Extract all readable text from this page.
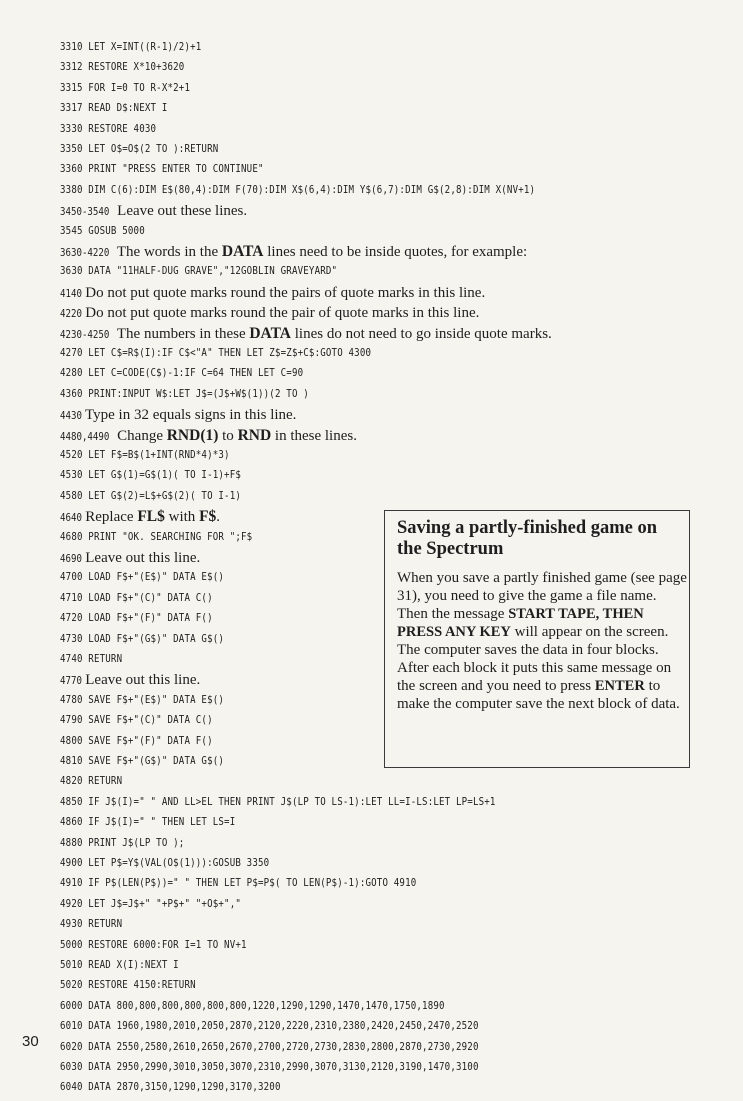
3310 LET X=INT((R-1)/2)+1
3312 RESTORE X*10+3620
3315 FOR I=0 TO R-X*2+1
3317 READ D$:NEXT I
3330 RESTORE 4030
3350 LET O$=O$(2 TO ):RETURN
3360 PRINT "PRESS ENTER TO CONTINUE"
3380 DIM C(6):DIM E$(80,4):DIM F(70):DIM X$(6,4):DIM Y$(6,7):DIM G$(2,8):DIM X(NV+1)
3450-3540 Leave out these lines.
3545 GOSUB 5000
3630-4220 The words in the DATA lines need to be inside quotes, for example:
3630 DATA "11HALF-DUG GRAVE","12GOBLIN GRAVEYARD"
4140 Do not put quote marks round the pairs of quote marks in this line.
4220 Do not put quote marks round the pair of quote marks in this line.
4230-4250 The numbers in these DATA lines do not need to go inside quote marks.
4270 LET C$=R$(I):IF C$<"A" THEN LET Z$=Z$+C$:GOTO 4300
4280 LET C=CODE(C$)-1:IF C=64 THEN LET C=90
4360 PRINT:INPUT W$:LET J$=(J$+W$(1))(2 TO )
4430 Type in 32 equals signs in this line.
4480,4490 Change RND(1) to RND in these lines.
4520 LET F$=B$(1+INT(RND*4)*3)
4530 LET G$(1)=G$(1)( TO I-1)+F$
4580 LET G$(2)=L$+G$(2)( TO I-1)
4640 Replace FL$ with F$.
4680 PRINT "OK. SEARCHING FOR ";F$
4690 Leave out this line.
4700 LOAD F$+"(E$)" DATA E$()
4710 LOAD F$+"(C)" DATA C()
4720 LOAD F$+"(F)" DATA F()
4730 LOAD F$+"(G$)" DATA G$()
4740 RETURN
4770 Leave out this line.
4780 SAVE F$+"(E$)" DATA E$()
4790 SAVE F$+"(C)" DATA C()
4800 SAVE F$+"(F)" DATA F()
4810 SAVE F$+"(G$)" DATA G$()
4820 RETURN
4850 IF J$(I)=" " AND LL>EL THEN PRINT J$(LP TO LS-1):LET LL=I-LS:LET LP=LS+1
4860 IF J$(I)=" " THEN LET LS=I
4880 PRINT J$(LP TO );
4900 LET P$=Y$(VAL(O$(1))):GOSUB 3350
4910 IF P$(LEN(P$))=" " THEN LET P$=P$( TO LEN(P$)-1):GOTO 4910
4920 LET J$=J$+" "+P$+" "+O$+","
4930 RETURN
5000 RESTORE 6000:FOR I=1 TO NV+1
5010 READ X(I):NEXT I
5020 RESTORE 4150:RETURN
6000 DATA 800,800,800,800,800,800,1220,1290,1290,1470,1470,1750,1890
6010 DATA 1960,1980,2010,2050,2870,2120,2220,2310,2380,2420,2450,2470,2520
6020 DATA 2550,2580,2610,2650,2670,2700,2720,2730,2830,2800,2870,2730,2920
6030 DATA 2950,2990,3010,3050,3070,2310,2990,3070,3130,2120,3190,1470,3100
6040 DATA 2870,3150,1290,1290,3170,3200
Saving a partly-finished game on the Spectrum
When you save a partly finished game (see page 31), you need to give the game a file name. Then the message START TAPE, THEN PRESS ANY KEY will appear on the screen. The computer saves the data in four blocks. After each block it puts this same message on the screen and you need to press ENTER to make the computer save the next block of data.
30
